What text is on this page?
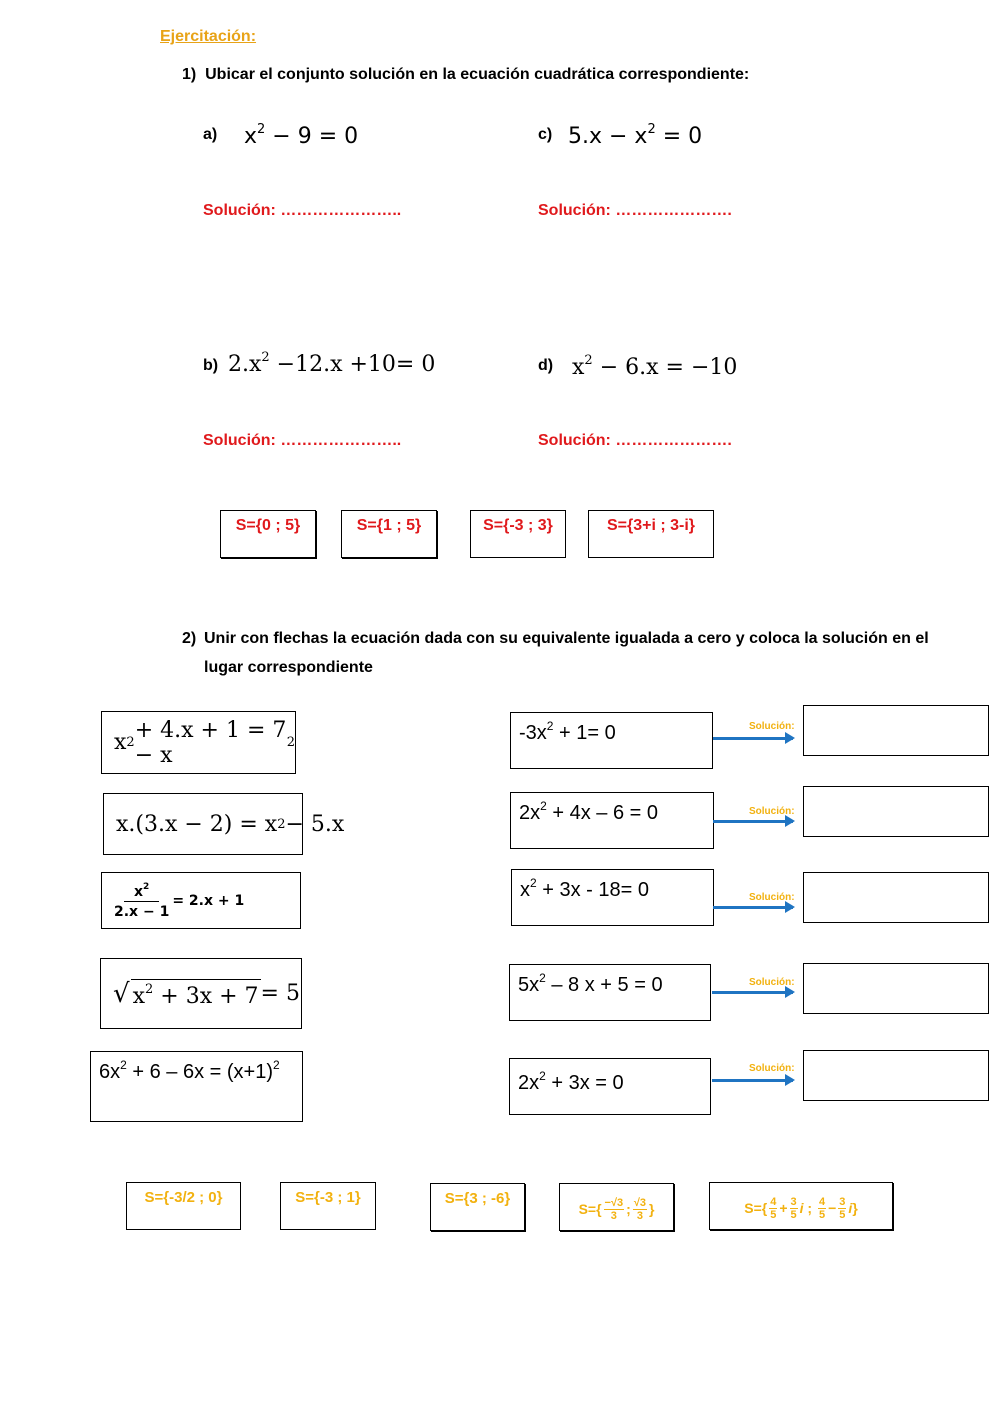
Ejercitación:
1) Ubicar el conjunto solución en la ecuación cuadrática correspondiente:
a) $x^2 - 9 = 0$
Solución: …………………..
c) $5.x - x^2 = 0$
Solución: ………………….
b) $2.x^2 -12.x +10= 0$
Solución: …………………..
d) $x^2 - 6.x = -10$
Solución: ………………….
S={0 ; 5}	S={1 ; 5}	S={-3 ; 3}	S={3+i ; 3-i}
2) Unir con flechas la ecuación dada con su equivalente igualada a cero y coloca la solución en el lugar correspondiente
x 2 + 4.x + 1 = 7 − x	2
x.(3.x − 2) = x 2 − 5.x
$\frac{x^2}{2.x - 1} = 2.x + 1$
√ $x^2 + 3x + 7 = 5$
$6x^2 + 6 - 6x = (x+1)^2$
$-3x^2 + 1= 0$	Solución:
$2x^2 + 4x - 6 = 0$	Solución:
$x^2 + 3x - 18= 0$	Solución:
$5x^2 - 8$ x + 5 = 0	Solución:
$2x^2 + 3x = 0$
Solución:
S={-3/2 ; 0}	S={-3 ; 1}	S={3 ; -6}
$S=\{ \frac{-√3}{3}$ ; $\frac{√3}{3}$ }	$S=\{ \frac{4}{5} + \frac{3}{5}$ i ; $\frac{4}{5} - \frac{3}{5}$ i }
